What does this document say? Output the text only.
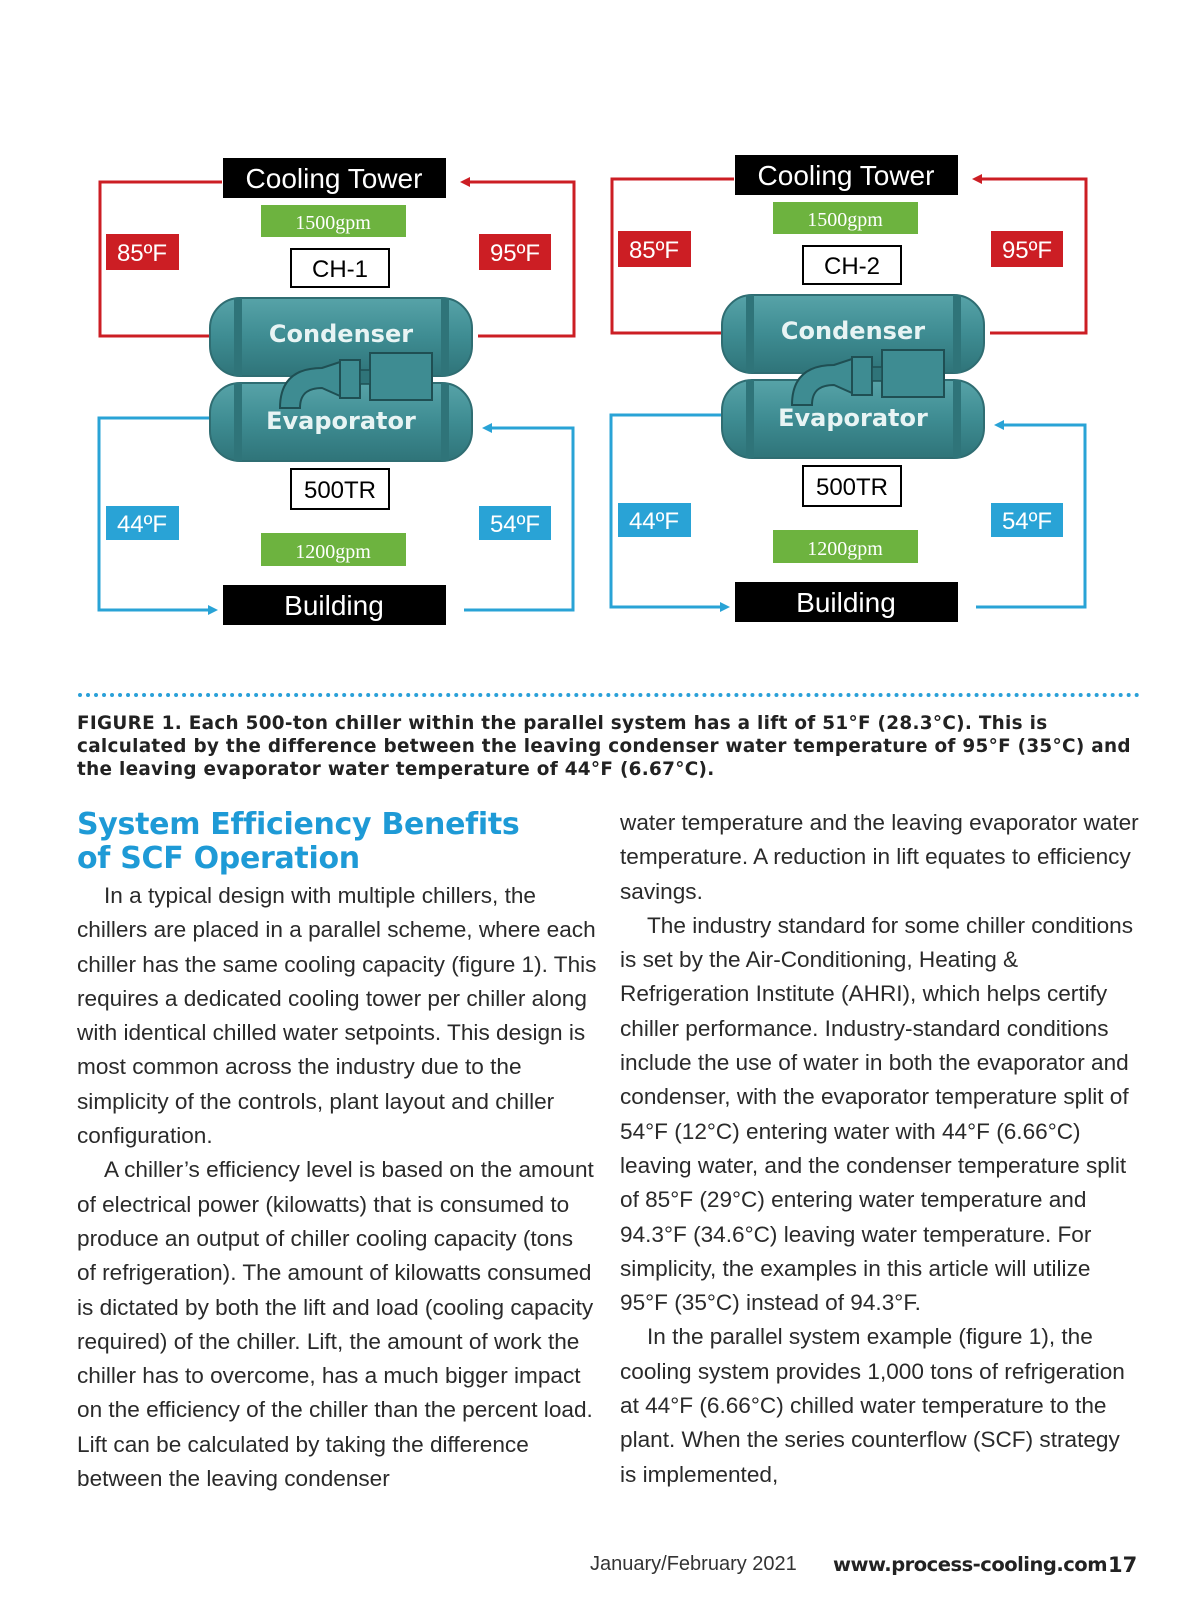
Cooling Tower
1500gpm
CH-1
85ºF	95ºF
Condenser
Evaporator
500TR
44ºF	54ºF
1200gpm
Building
Cooling Tower
1500gpm
CH-2
85ºF	95ºF
Condenser
Evaporator
500TR
44ºF	54ºF
1200gpm
Building
FIGURE 1. Each 500-ton chiller within the parallel system has a lift of 51°F (28.3°C). This is calculated by the difference between the leaving condenser water temperature of 95°F (35°C) and the leaving evaporator water temperature of 44°F (6.67°C).
System Efficiency Benefits
of SCF Operation

In a typical design with multiple chillers, the chillers are placed in a parallel scheme, where each chiller has the same cooling capacity (figure 1). This requires a dedicated cooling tower per chiller along with identical chilled water setpoints. This design is most common across the industry due to the simplicity of the controls, plant layout and chiller configuration.

A chiller’s efficiency level is based on the amount of electrical power (kilowatts) that is consumed to produce an output of chiller cooling capacity (tons of refrigeration). The amount of kilowatts consumed is dictated by both the lift and load (cooling capacity required) of the chiller. Lift, the amount of work the chiller has to overcome, has a much bigger impact on the efficiency of the chiller than the percent load. Lift can be calculated by taking the difference between the leaving condenser

water temperature and the leaving evaporator water temperature. A reduction in lift equates to efficiency savings.

The industry standard for some chiller conditions is set by the Air-Conditioning, Heating & Refrigeration Institute (AHRI), which helps certify chiller performance. Industry-standard conditions include the use of water in both the evaporator and condenser, with the evaporator temperature split of 54°F (12°C) entering water with 44°F (6.66°C) leaving water, and the condenser temperature split of 85°F (29°C) entering water temperature and 94.3°F (34.6°C) leaving water temperature. For simplicity, the examples in this article will utilize 95°F (35°C) instead of 94.3°F.

In the parallel system example (figure 1), the cooling system provides 1,000 tons of refrigeration at 44°F (6.66°C) chilled water temperature to the plant. When the series counterflow (SCF) strategy is implemented,

January/February 2021 www.process-cooling.com 17
